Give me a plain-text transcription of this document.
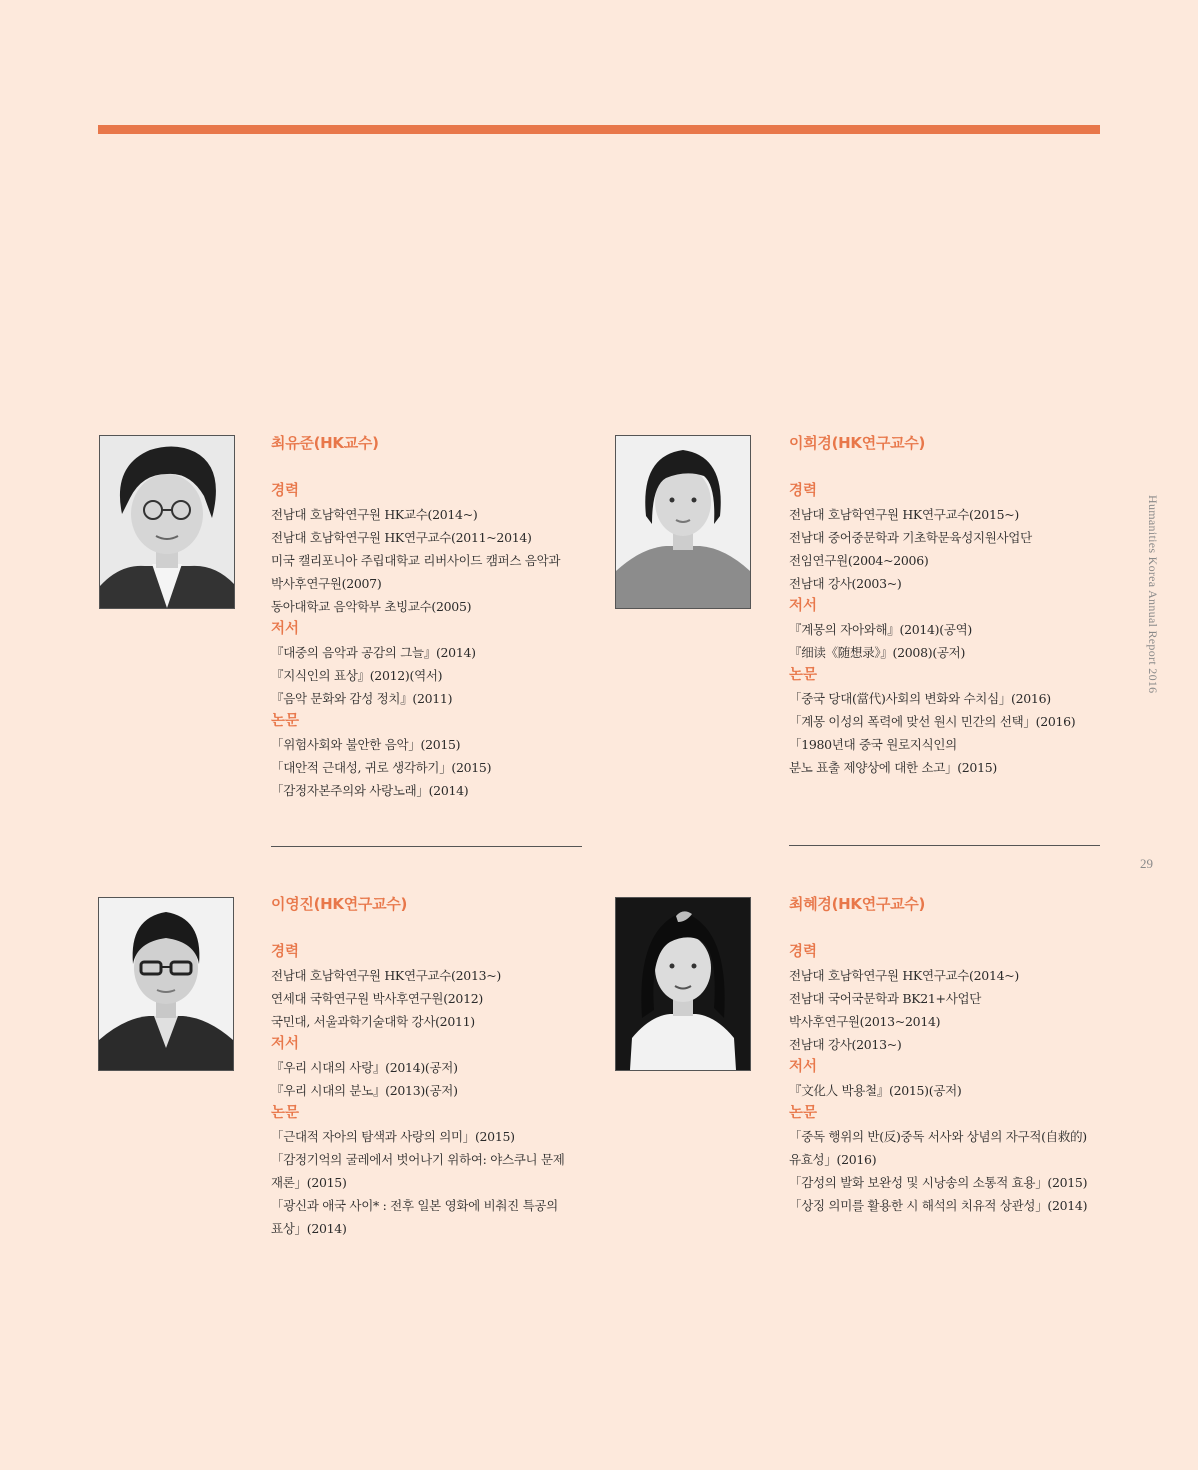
Humanities Korea Annual Report 2016
29
최유준(HK교수)
경력
전남대 호남학연구원 HK교수(2014~)
전남대 호남학연구원 HK연구교수(2011~2014)
미국 캘리포니아 주립대학교 리버사이드 캠퍼스 음악과
박사후연구원(2007)
동아대학교 음악학부 초빙교수(2005)
저서
『대중의 음악과 공감의 그늘』(2014)
『지식인의 표상』(2012)(역서)
『음악 문화와 감성 정치』(2011)
논문
「위험사회와 불안한 음악」(2015)
「대안적 근대성, 귀로 생각하기」(2015)
「감정자본주의와 사랑노래」(2014)
이희경(HK연구교수)
경력
전남대 호남학연구원 HK연구교수(2015~)
전남대 중어중문학과 기초학문육성지원사업단
전임연구원(2004~2006)
전남대 강사(2003~)
저서
『계몽의 자아와해』(2014)(공역)
『细读《随想录》』(2008)(공저)
논문
「중국 당대(當代)사회의 변화와 수치심」(2016)
「계몽 이성의 폭력에 맞선 원시 민간의 선택」(2016)
「1980년대 중국 원로지식인의
분노 표출 제양상에 대한 소고」(2015)
이영진(HK연구교수)
경력
전남대 호남학연구원 HK연구교수(2013~)
연세대 국학연구원 박사후연구원(2012)
국민대, 서울과학기술대학 강사(2011)
저서
『우리 시대의 사랑』(2014)(공저)
『우리 시대의 분노』(2013)(공저)
논문
「근대적 자아의 탐색과 사랑의 의미」(2015)
「감정기억의 굴레에서 벗어나기 위하여: 야스쿠니 문제
재론」(2015)
「광신과 애국 사이* : 전후 일본 영화에 비춰진 특공의
표상」(2014)
최혜경(HK연구교수)
경력
전남대 호남학연구원 HK연구교수(2014~)
전남대 국어국문학과 BK21+사업단
박사후연구원(2013~2014)
전남대 강사(2013~)
저서
『文化人 박용철』(2015)(공저)
논문
「중독 행위의 반(反)중독 서사와 상념의 자구적(自救的)
유효성」(2016)
「감성의 발화 보완성 및 시낭송의 소통적 효용」(2015)
「상징 의미를 활용한 시 해석의 치유적 상관성」(2014)
